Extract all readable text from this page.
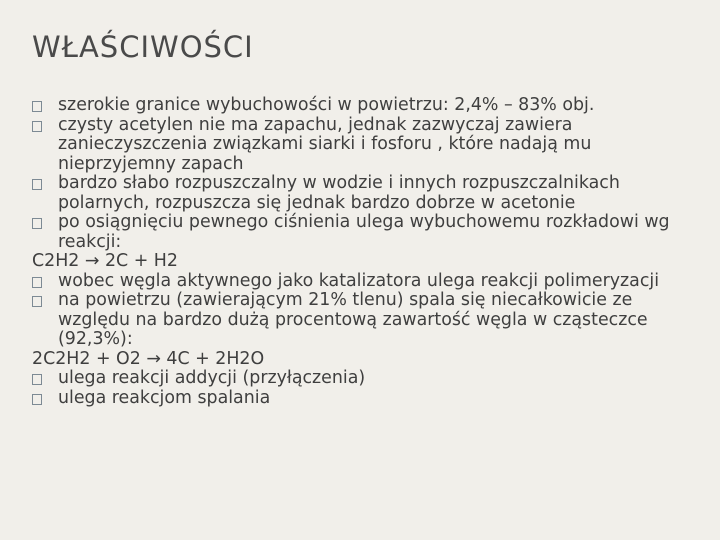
WŁAŚCIWOŚCI
szerokie granice wybuchowości w powietrzu: 2,4% – 83% obj.
czysty acetylen nie ma zapachu, jednak zazwyczaj zawiera zanieczyszczenia związkami siarki i fosforu , które nadają mu nieprzyjemny zapach
bardzo słabo rozpuszczalny w wodzie i innych rozpuszczalnikach polarnych, rozpuszcza się jednak bardzo dobrze w acetonie
po osiągnięciu pewnego ciśnienia ulega wybuchowemu rozkładowi wg reakcji:
C2H2 → 2C + H2
wobec węgla aktywnego jako katalizatora ulega reakcji polimeryzacji
na powietrzu (zawierającym 21% tlenu) spala się niecałkowicie ze względu na bardzo dużą procentową zawartość węgla w cząsteczce (92,3%):
2C2H2 + O2 → 4C + 2H2O
ulega reakcji addycji (przyłączenia)
ulega reakcjom spalania
